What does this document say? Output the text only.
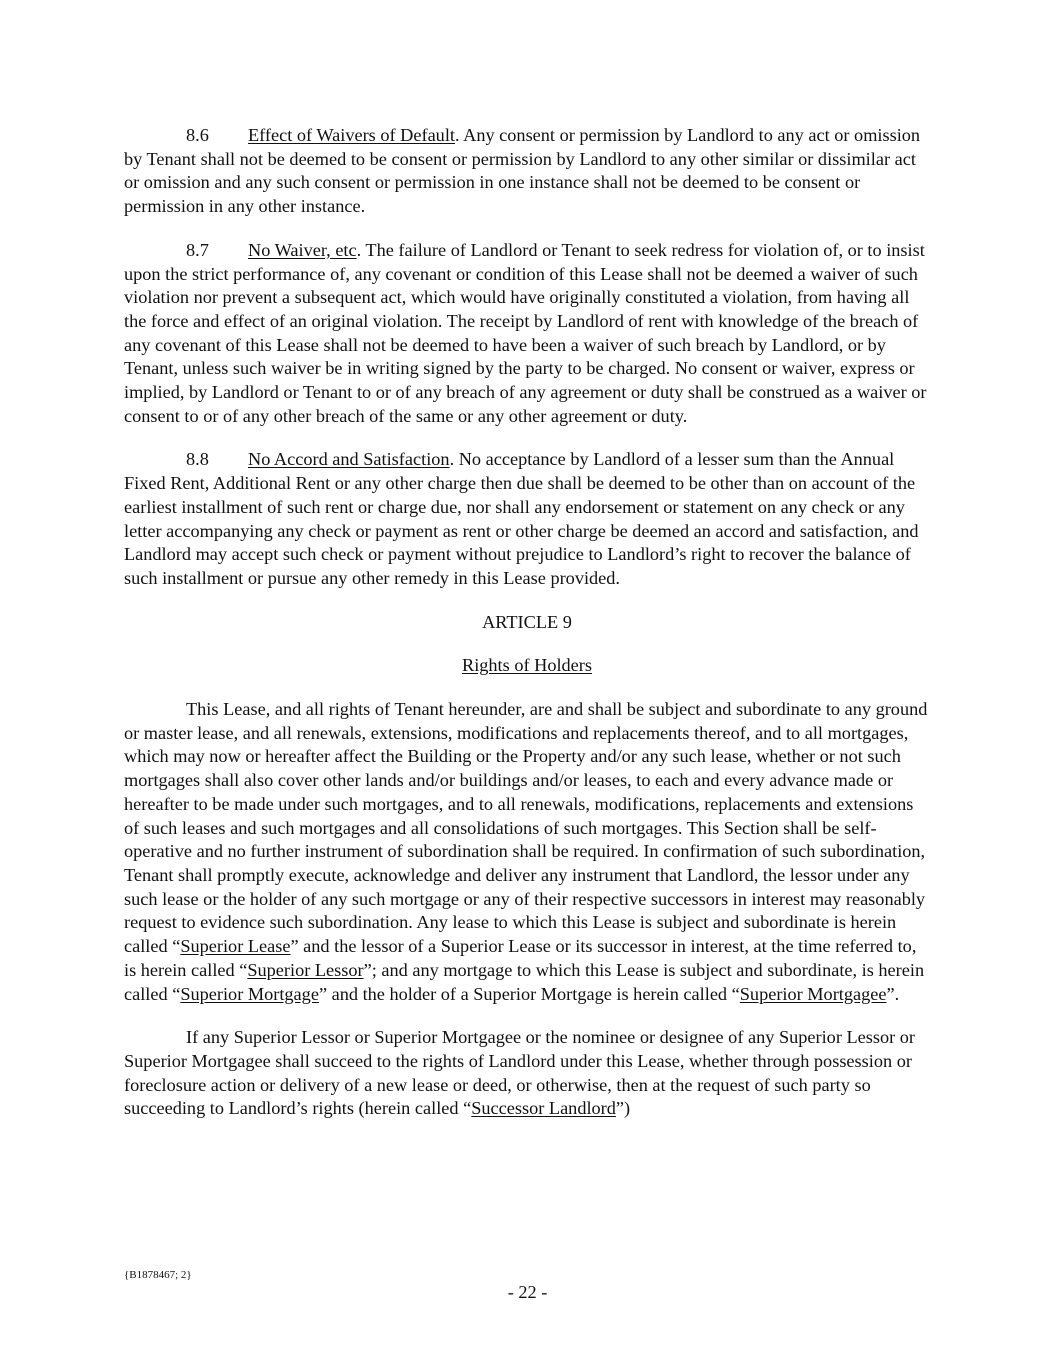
8.6 Effect of Waivers of Default. Any consent or permission by Landlord to any act or omission by Tenant shall not be deemed to be consent or permission by Landlord to any other similar or dissimilar act or omission and any such consent or permission in one instance shall not be deemed to be consent or permission in any other instance.

8.7 No Waiver, etc. The failure of Landlord or Tenant to seek redress for violation of, or to insist upon the strict performance of, any covenant or condition of this Lease shall not be deemed a waiver of such violation nor prevent a subsequent act, which would have originally constituted a violation, from having all the force and effect of an original violation. The receipt by Landlord of rent with knowledge of the breach of any covenant of this Lease shall not be deemed to have been a waiver of such breach by Landlord, or by Tenant, unless such waiver be in writing signed by the party to be charged. No consent or waiver, express or implied, by Landlord or Tenant to or of any breach of any agreement or duty shall be construed as a waiver or consent to or of any other breach of the same or any other agreement or duty.

8.8 No Accord and Satisfaction. No acceptance by Landlord of a lesser sum than the Annual Fixed Rent, Additional Rent or any other charge then due shall be deemed to be other than on account of the earliest installment of such rent or charge due, nor shall any endorsement or statement on any check or any letter accompanying any check or payment as rent or other charge be deemed an accord and satisfaction, and Landlord may accept such check or payment without prejudice to Landlord’s right to recover the balance of such installment or pursue any other remedy in this Lease provided.

ARTICLE 9

Rights of Holders

This Lease, and all rights of Tenant hereunder, are and shall be subject and subordinate to any ground or master lease, and all renewals, extensions, modifications and replacements thereof, and to all mortgages, which may now or hereafter affect the Building or the Property and/or any such lease, whether or not such mortgages shall also cover other lands and/or buildings and/or leases, to each and every advance made or hereafter to be made under such mortgages, and to all renewals, modifications, replacements and extensions of such leases and such mortgages and all consolidations of such mortgages. This Section shall be self-operative and no further instrument of subordination shall be required. In confirmation of such subordination, Tenant shall promptly execute, acknowledge and deliver any instrument that Landlord, the lessor under any such lease or the holder of any such mortgage or any of their respective successors in interest may reasonably request to evidence such subordination. Any lease to which this Lease is subject and subordinate is herein called “Superior Lease” and the lessor of a Superior Lease or its successor in interest, at the time referred to, is herein called “Superior Lessor”; and any mortgage to which this Lease is subject and subordinate, is herein called “Superior Mortgage” and the holder of a Superior Mortgage is herein called “Superior Mortgagee”.

If any Superior Lessor or Superior Mortgagee or the nominee or designee of any Superior Lessor or Superior Mortgagee shall succeed to the rights of Landlord under this Lease, whether through possession or foreclosure action or delivery of a new lease or deed, or otherwise, then at the request of such party so succeeding to Landlord’s rights (herein called “Successor Landlord”)

{B1878467; 2}
- 22 -
